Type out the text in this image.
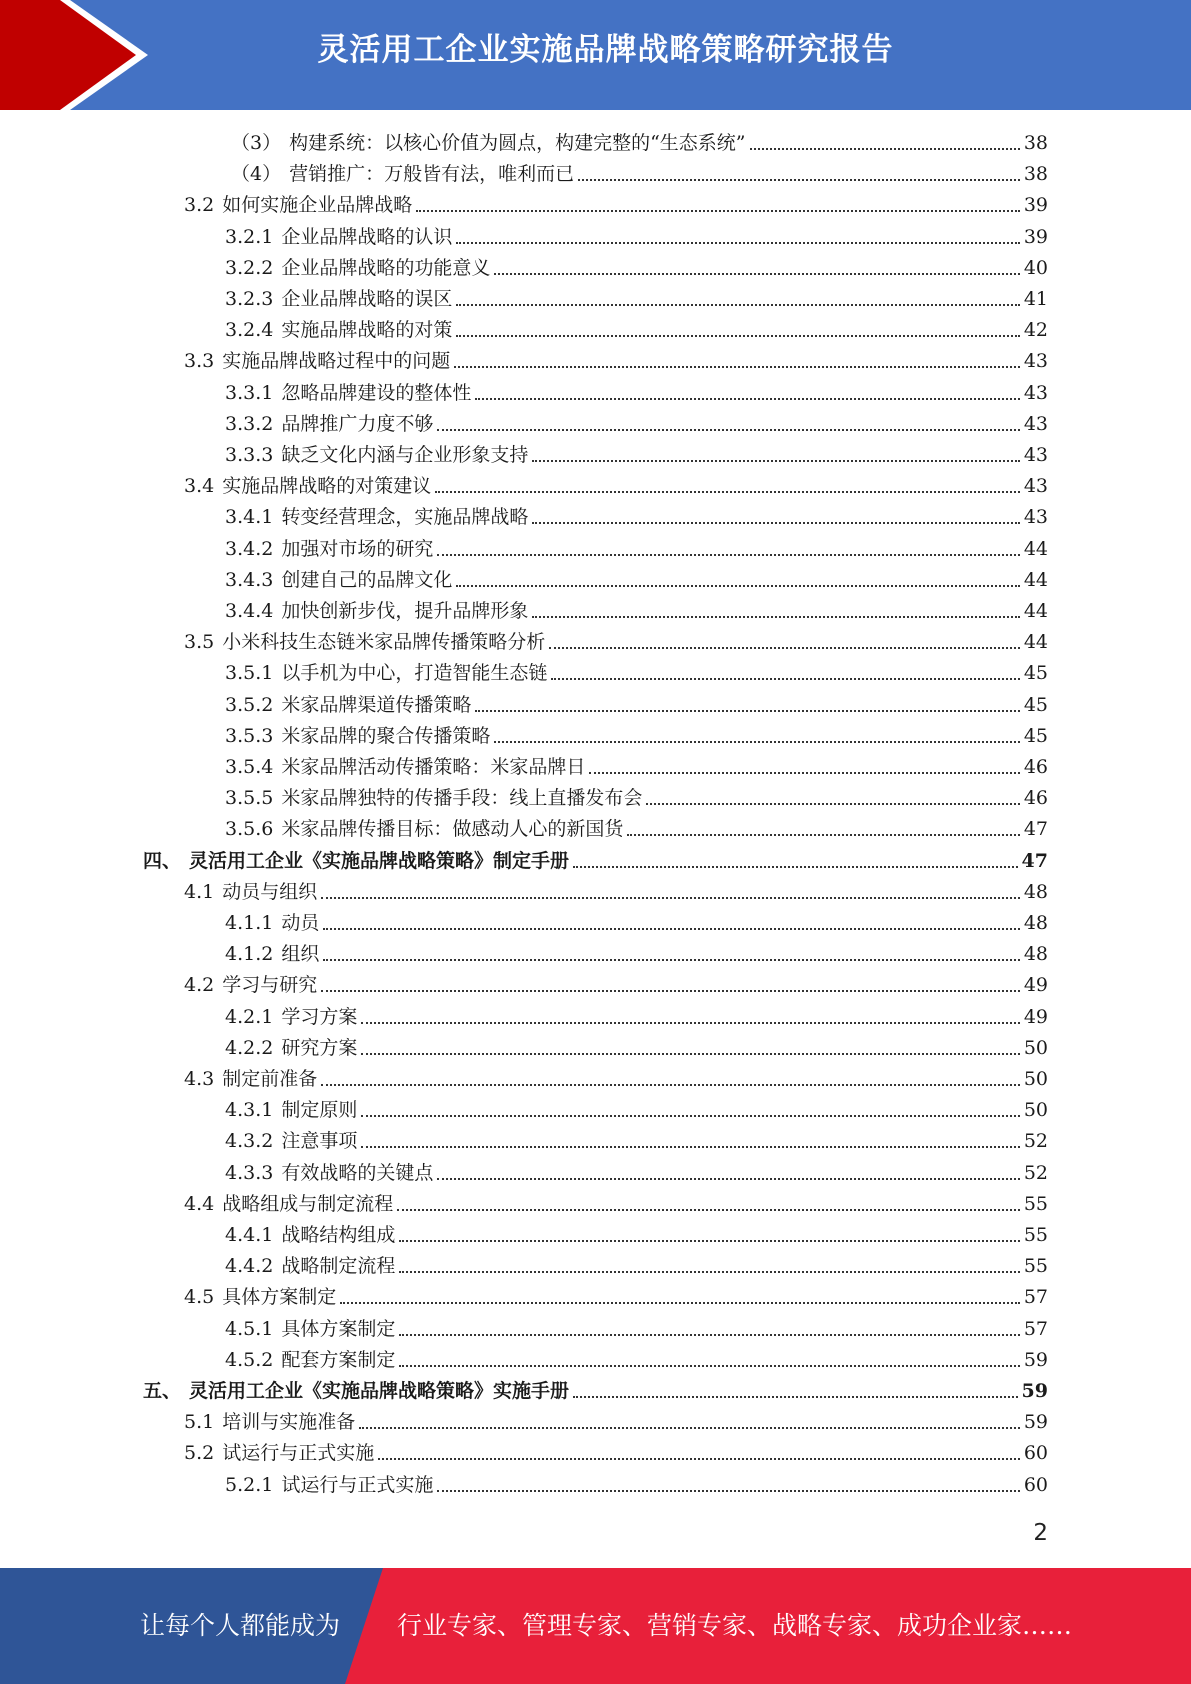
灵活用工企业实施品牌战略策略研究报告
（3） 构建系统：以核心价值为圆点，构建完整的“生态系统”	38
（4） 营销推广：万般皆有法，唯利而已	38
3.2 如何实施企业品牌战略	39
3.2.1 企业品牌战略的认识	39
3.2.2 企业品牌战略的功能意义	40
3.2.3 企业品牌战略的误区	41
3.2.4 实施品牌战略的对策	42
3.3 实施品牌战略过程中的问题	43
3.3.1 忽略品牌建设的整体性	43
3.3.2 品牌推广力度不够	43
3.3.3 缺乏文化内涵与企业形象支持	43
3.4 实施品牌战略的对策建议	43
3.4.1 转变经营理念，实施品牌战略	43
3.4.2 加强对市场的研究	44
3.4.3 创建自己的品牌文化	44
3.4.4 加快创新步伐，提升品牌形象	44
3.5 小米科技生态链米家品牌传播策略分析	44
3.5.1 以手机为中心，打造智能生态链	45
3.5.2 米家品牌渠道传播策略	45
3.5.3 米家品牌的聚合传播策略	45
3.5.4 米家品牌活动传播策略：米家品牌日	46
3.5.5 米家品牌独特的传播手段：线上直播发布会	46
3.5.6 米家品牌传播目标：做感动人心的新国货	47
四、 灵活用工企业《实施品牌战略策略》制定手册	47
4.1 动员与组织	48
4.1.1 动员	48
4.1.2 组织	48
4.2 学习与研究	49
4.2.1 学习方案	49
4.2.2 研究方案	50
4.3 制定前准备	50
4.3.1 制定原则	50
4.3.2 注意事项	52
4.3.3 有效战略的关键点	52
4.4 战略组成与制定流程	55
4.4.1 战略结构组成	55
4.4.2 战略制定流程	55
4.5 具体方案制定	57
4.5.1 具体方案制定	57
4.5.2 配套方案制定	59
五、 灵活用工企业《实施品牌战略策略》实施手册	59
5.1 培训与实施准备	59
5.2 试运行与正式实施	60
5.2.1 试运行与正式实施	60
2
让每个人都能成为 行业专家、管理专家、营销专家、战略专家、成功企业家……
